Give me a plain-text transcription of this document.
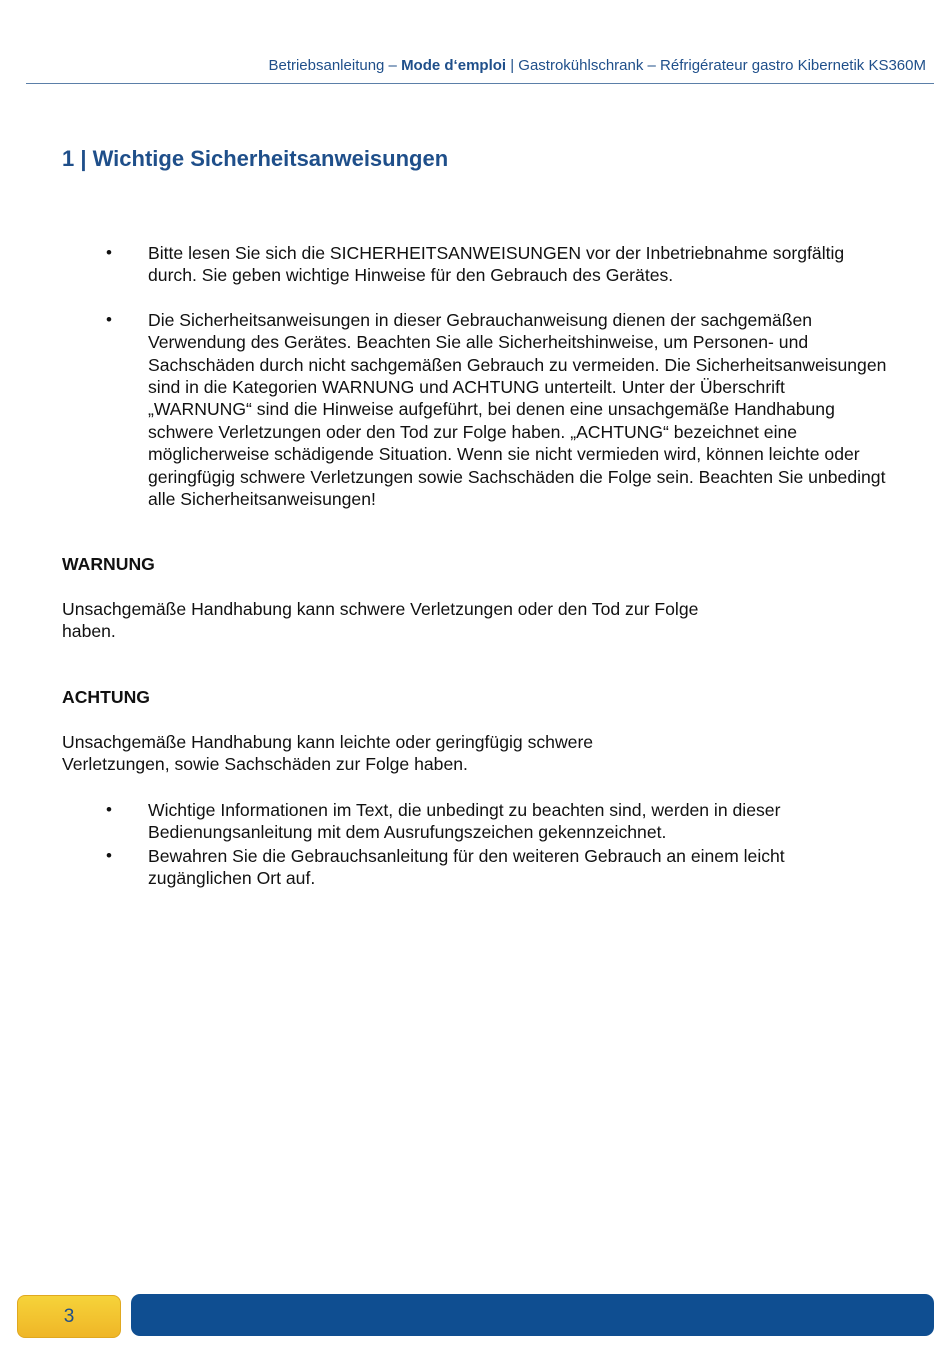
Betriebsanleitung – Mode d‘emploi | Gastrokühlschrank – Réfrigérateur gastro Kibernetik KS360M
1 | Wichtige Sicherheitsanweisungen
• Bitte lesen Sie sich die SICHERHEITSANWEISUNGEN vor der Inbetriebnahme sorgfältig durch. Sie geben wichtige Hinweise für den Gebrauch des Gerätes.
• Die Sicherheitsanweisungen in dieser Gebrauchanweisung dienen der sachgemäßen Verwendung des Gerätes. Beachten Sie alle Sicherheitshinweise, um Personen- und Sachschäden durch nicht sachgemäßen Gebrauch zu vermeiden. Die Sicherheitsanweisungen sind in die Kategorien WARNUNG und ACHTUNG unterteilt. Unter der Überschrift „WARNUNG“ sind die Hinweise aufgeführt, bei denen eine unsachgemäße Handhabung schwere Verletzungen oder den Tod zur Folge haben. „ACHTUNG“ bezeichnet eine möglicherweise schädigende Situation. Wenn sie nicht vermieden wird, können leichte oder geringfügig schwere Verletzungen sowie Sachschäden die Folge sein. Beachten Sie unbedingt alle Sicherheitsanweisungen!
WARNUNG

Unsachgemäße Handhabung kann schwere Verletzungen oder den Tod zur Folge haben.

ACHTUNG

Unsachgemäße Handhabung kann leichte oder geringfügig schwere Verletzungen, sowie Sachschäden zur Folge haben.

• Wichtige Informationen im Text, die unbedingt zu beachten sind, werden in dieser Bedienungsanleitung mit dem Ausrufungszeichen gekennzeichnet.
• Bewahren Sie die Gebrauchsanleitung für den weiteren Gebrauch an einem leicht zugänglichen Ort auf.
3
